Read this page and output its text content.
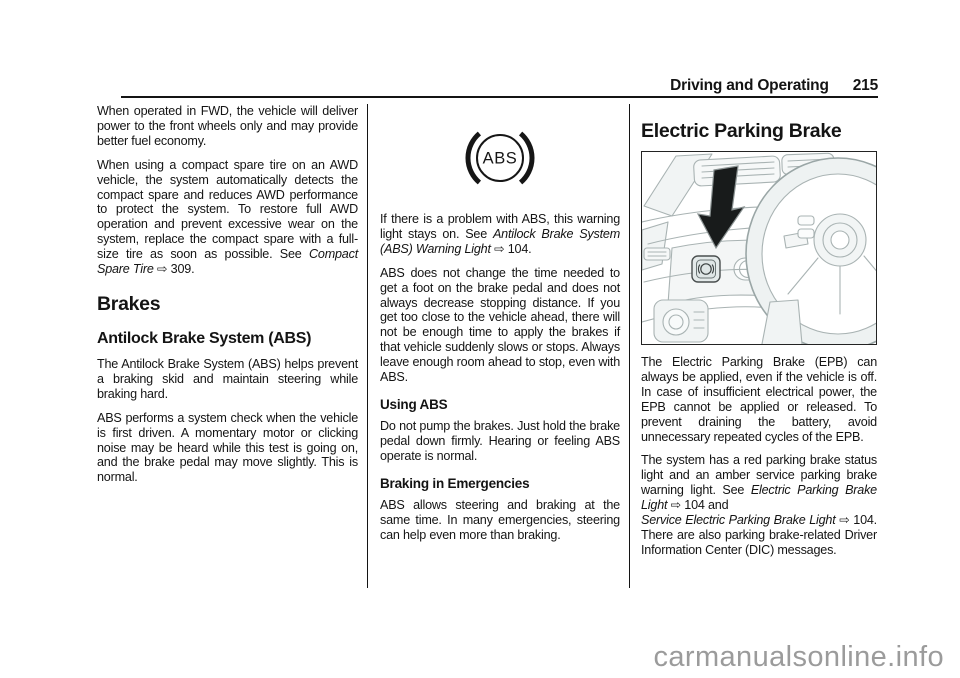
Driving and Operating 215

When operated in FWD, the vehicle will deliver power to the front wheels only and may provide better fuel economy.

When using a compact spare tire on an AWD vehicle, the system automatically detects the compact spare and reduces AWD performance to protect the system. To restore full AWD operation and prevent excessive wear on the system, replace the compact spare with a full-size tire as soon as possible. See Compact Spare Tire ⇨ 309.

Brakes
Antilock Brake System (ABS)

The Antilock Brake System (ABS) helps prevent a braking skid and maintain steering while braking hard.

ABS performs a system check when the vehicle is first driven. A momentary motor or clicking noise may be heard while this test is going on, and the brake pedal may move slightly. This is normal.

ABS

If there is a problem with ABS, this warning light stays on. See Antilock Brake System (ABS) Warning Light ⇨ 104.

ABS does not change the time needed to get a foot on the brake pedal and does not always decrease stopping distance. If you get too close to the vehicle ahead, there will not be enough time to apply the brakes if that vehicle suddenly slows or stops. Always leave enough room ahead to stop, even with ABS.

Using ABS

Do not pump the brakes. Just hold the brake pedal down firmly. Hearing or feeling ABS operate is normal.

Braking in Emergencies

ABS allows steering and braking at the same time. In many emergencies, steering can help even more than braking.

Electric Parking Brake

The Electric Parking Brake (EPB) can always be applied, even if the vehicle is off. In case of insufficient electrical power, the EPB cannot be applied or released. To prevent draining the battery, avoid unnecessary repeated cycles of the EPB.

The system has a red parking brake status light and an amber service parking brake warning light. See Electric Parking Brake Light ⇨ 104 and
Service Electric Parking Brake Light ⇨ 104. There are also parking brake-related Driver Information Center (DIC) messages.

carmanualsonline.info
